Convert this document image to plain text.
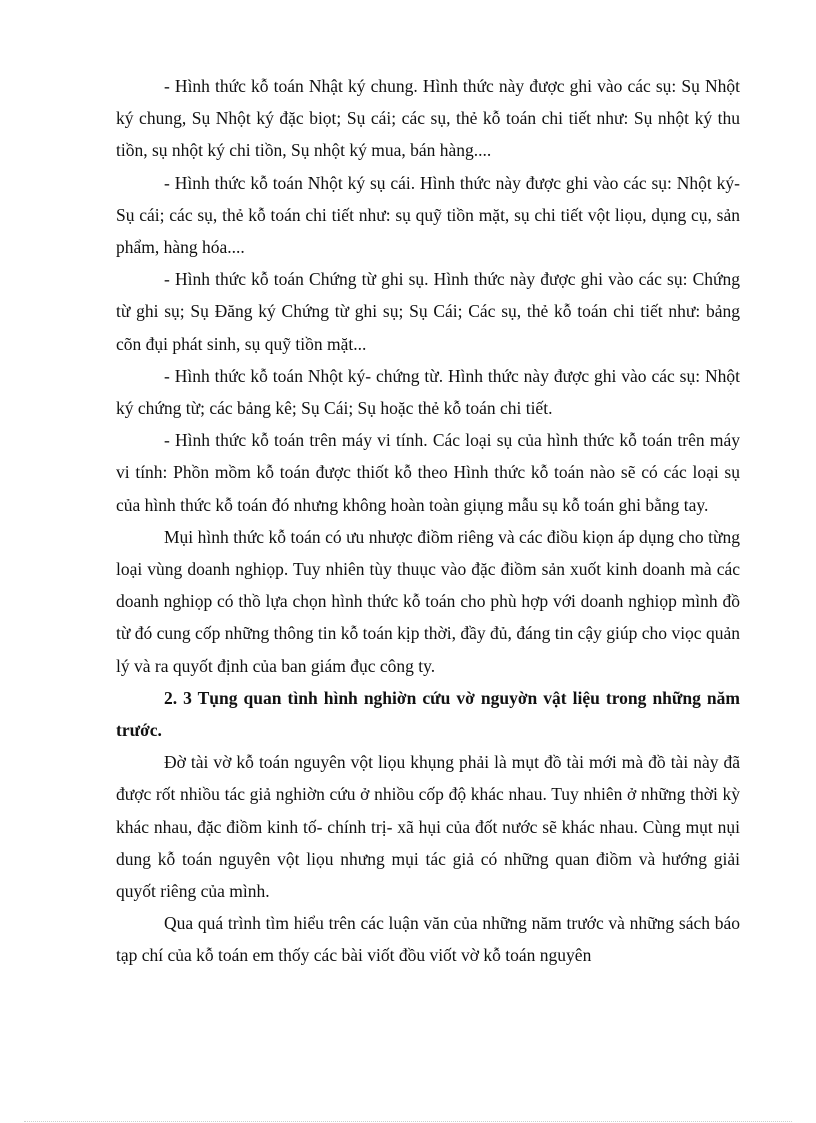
- Hình thức kỗ toán Nhật ký chung. Hình thức này được ghi vào các sụ: Sụ Nhột ký chung, Sụ Nhột ký đặc biọt; Sụ cái; các sụ, thẻ kỗ toán chi tiết như: Sụ nhột ký thu tiồn, sụ nhột ký chi tiồn, Sụ nhột ký mua, bán hàng....

- Hình thức kỗ toán Nhột ký sụ cái. Hình thức này được ghi vào các sụ: Nhột ký- Sụ cái; các sụ, thẻ kỗ toán chi tiết như: sụ quỹ tiồn mặt, sụ chi tiết vột liọu, dụng cụ, sản phẩm, hàng hóa....

- Hình thức kỗ toán Chứng từ ghi sụ. Hình thức này được ghi vào các sụ: Chứng từ ghi sụ; Sụ Đăng ký Chứng từ ghi sụ; Sụ Cái; Các sụ, thẻ kỗ toán chi tiết như: bảng cõn đụi phát sinh, sụ quỹ tiồn mặt...

- Hình thức kỗ toán Nhột ký- chứng từ. Hình thức này được ghi vào các sụ: Nhột ký chứng từ; các bảng kê; Sụ Cái; Sụ hoặc thẻ kỗ toán chi tiết.

- Hình thức kỗ toán trên máy vi tính. Các loại sụ của hình thức kỗ toán trên máy vi tính: Phồn mồm kỗ toán được thiốt kỗ theo Hình thức kỗ toán nào sẽ có các loại sụ của hình thức kỗ toán đó nhưng không hoàn toàn giụng mẫu sụ kỗ toán ghi bằng tay.

Mụi hình thức kỗ toán có ưu nhược điồm riêng và các điồu kiọn áp dụng cho từng loại vùng doanh nghiọp. Tuy nhiên tùy thuục vào đặc điồm sản xuốt kinh doanh mà các doanh nghiọp có thồ lựa chọn hình thức kỗ toán cho phù hợp với doanh nghiọp mình đồ từ đó cung cốp những thông tin kỗ toán kịp thời, đầy đủ, đáng tin cậy giúp cho viọc quản lý và ra quyốt định của ban giám đục công ty.

2. 3 Tụng quan tình hình nghiờn cứu vờ nguyờn vật liệu trong những năm trước.

Đờ tài vờ kỗ toán nguyên vột liọu khụng phải là mụt đồ tài mới mà đồ tài này đã được rốt nhiồu tác giả nghiờn cứu ở nhiồu cốp độ khác nhau. Tuy nhiên ở những thời kỳ khác nhau, đặc điồm kinh tố- chính trị- xã hụi của đốt nước sẽ khác nhau. Cùng mụt nụi dung kỗ toán nguyên vột liọu nhưng mụi tác giả có những quan điồm và hướng giải quyốt riêng của mình.

Qua quá trình tìm hiểu trên các luận văn của những năm trước và những sách báo tạp chí của kỗ toán em thốy các bài viốt đồu viốt vờ kỗ toán nguyên
